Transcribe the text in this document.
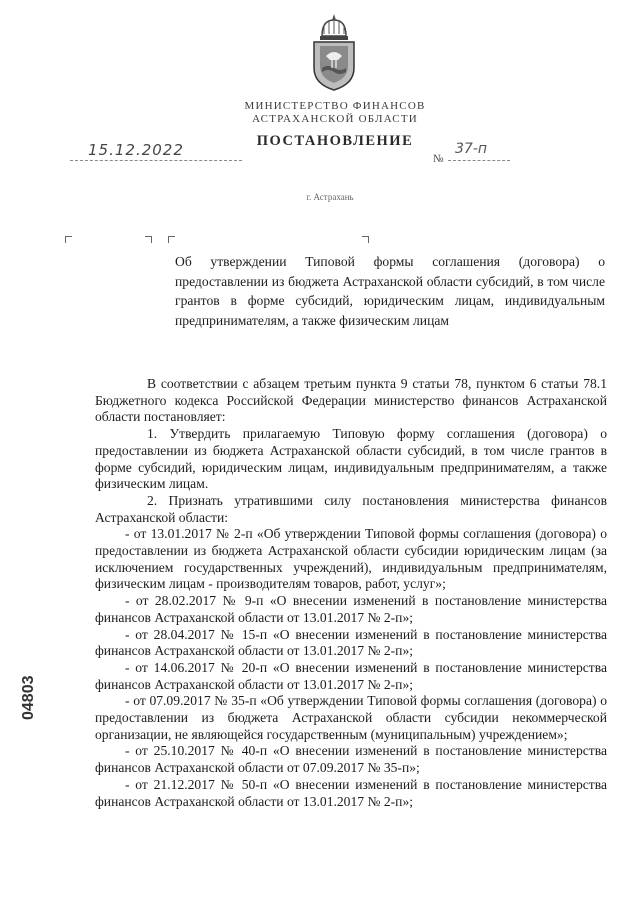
МИНИСТЕРСТВО ФИНАНСОВ
АСТРАХАНСКОЙ ОБЛАСТИ
ПОСТАНОВЛЕНИЕ
15.12.2022	№
37-п
г. Астрахань
Об утверждении Типовой формы соглашения (договора) о предоставлении из бюджета Астраханской области субсидий, в том числе грантов в форме субсидий, юридическим лицам, индивидуальным предпринимателям, а также физическим лицам

В соответствии с абзацем третьим пункта 9 статьи 78, пунктом 6 статьи 78.1 Бюджетного кодекса Российской Федерации министерство финансов Астраханской области постановляет:

1. Утвердить прилагаемую Типовую форму соглашения (договора) о предоставлении из бюджета Астраханской области субсидий, в том числе грантов в форме субсидий, юридическим лицам, индивидуальным предпринимателям, а также физическим лицам.

2. Признать утратившими силу постановления министерства финансов Астраханской области:

- от 13.01.2017 № 2-п «Об утверждении Типовой формы соглашения (договора) о предоставлении из бюджета Астраханской области субсидии юридическим лицам (за исключением государственных учреждений), индивидуальным предпринимателям, физическим лицам - производителям товаров, работ, услуг»;

- от 28.02.2017 № 9-п «О внесении изменений в постановление министерства финансов Астраханской области от 13.01.2017 № 2-п»;

- от 28.04.2017 № 15-п «О внесении изменений в постановление министерства финансов Астраханской области от 13.01.2017 № 2-п»;

- от 14.06.2017 № 20-п «О внесении изменений в постановление министерства финансов Астраханской области от 13.01.2017 № 2-п»;

- от 07.09.2017 № 35-п «Об утверждении Типовой формы соглашения (договора) о предоставлении из бюджета Астраханской области субсидии некоммерческой организации, не являющейся государственным (муниципальным) учреждением»;

- от 25.10.2017 № 40-п «О внесении изменений в постановление министерства финансов Астраханской области от 07.09.2017 № 35-п»;

- от 21.12.2017 № 50-п «О внесении изменений в постановление министерства финансов Астраханской области от 13.01.2017 № 2-п»;

04803
